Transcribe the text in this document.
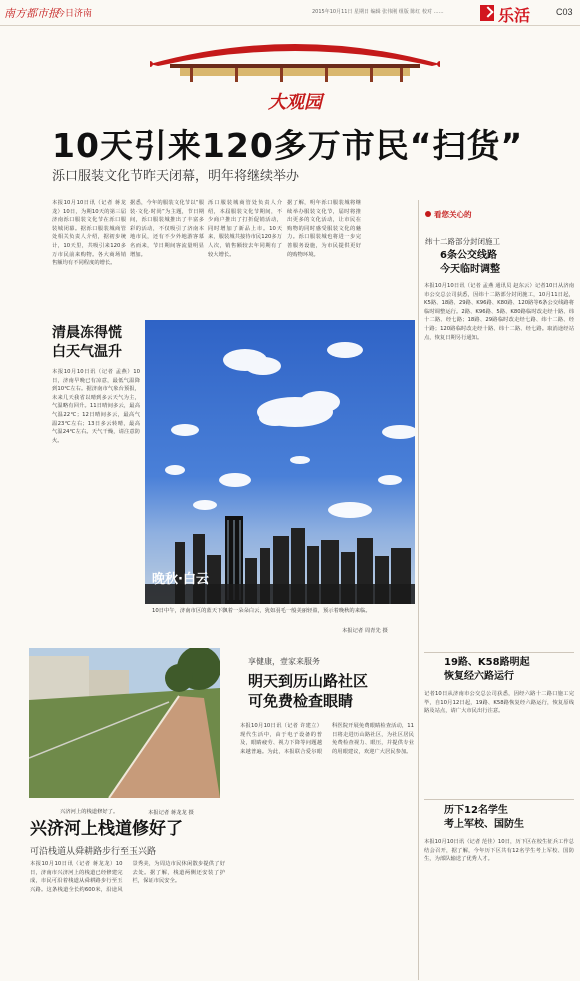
南方都市报
今日济南	2015年10月11日 星期日 编辑 张伟刚 组版 陈红 校对 ……	乐活	C03
大观园
10天引来120多万市民“扫货”
泺口服装文化节昨天闭幕，明年将继续举办
本报10月10日讯（记者 蒋龙龙）10日，为期10天的第三届济南泺口服装文化节在泺口服装城闭幕。据泺口服装城商管处相关负责人介绍，据初步统计，10天里，共吸引来120多万市民前来购物。各大商场销售额均有不同程度的增长。
据悉，今年的服装文化节以“服装·文化·时尚”为主题，节日期间，泺口服装城推出了丰富多彩的活动，不仅吸引了济南本地市民，还有不少外地游客慕名而来，节日期间客流量明显增加。
泺口服装城商管处负责人介绍，本届服装文化节期间，不少商户推出了打折促销活动，同时增加了新品上市。10天来，服装城共接待市民120多万人次，销售额较去年同期有了较大增长。
据了解，明年泺口服装城将继续举办服装文化节，届时将推出更多的文化活动，让市民在购物的同时感受服装文化的魅力。泺口服装城也将进一步完善服务设施，为市民提供更好的购物环境。
看您关心的
纬十二路部分封闭施工
6条公交线路
今天临时调整
本报10月10日讯（记者 孟燕 通讯员 赵东云）记者10日从济南市公交总公司获悉，因纬十二路部分封闭施工，10月11日起，K5路、18路、29路、K96路、K80路、120路等6条公交线路将临时调整运行。2路、K96路、5路、K80路临时改走经十路、纬十二路、经七路；18路、29路临时改走经七路、纬十二路、经十路；120路临时改走经十路、纬十二路、经七路。取消途经站点，恢复日期另行通知。
19路、K58路明起
恢复经六路运行
记者10日从济南市公交总公司获悉，因经六路十二路口施工完毕，自10月12日起，19路、K58路恢复经六路运行，恢复原线路及站点，请广大市民出行注意。
历下12名学生
考上军校、国防生
本报10月10日讯（记者 范佳）10日，历下区在校生征兵工作总结会召开，据了解，今年历下区共有12名学生考上军校、国防生，为部队输送了优秀人才。
清晨冻得慌
白天气温升
本报10月10日讯（记者 孟燕）10日，济南早晚已有凉意，最低气温降到10℃左右。据济南市气象台预报，未来几天我省以晴到多云天气为主，气温略有回升。11日晴间多云，最高气温22℃；12日晴间多云，最高气温23℃左右；13日多云转晴，最高气温24℃左右。天气干燥，请注意防火。
晚秋·白云
10日中午，济南市区的蓝天下飘着一朵朵白云，犹如羽毛一般美丽轻盈，预示着晚秋的来临。
本报记者 周青先 摄
兴济河上的栈道修好了。	本报记者 蒋龙龙 摄
兴济河上栈道修好了
可沿栈道从舜耕路步行至玉兴路
本报10月10日讯（记者 蒋龙龙）10日，济南市兴济河上的栈道已经修建完成，市民可沿着栈道从舜耕路步行至玉兴路。这条栈道全长约600米，沿途风景秀美，为周边市民休闲散步提供了好去处。据了解，栈道两侧还安装了护栏，保证市民安全。
享健康，壹家来服务
明天到历山路社区
可免费检查眼睛
本报10月10日讯（记者 许建立）现代生活中，由于电子设备的普及，眼睛疲劳、视力下降等问题越来越普遍。为此，本报联合爱尔眼科医院开展免费眼睛检查活动，11日将走进历山路社区，为社区居民免费检查视力、眼压，并提供专业的用眼建议，欢迎广大居民参加。
